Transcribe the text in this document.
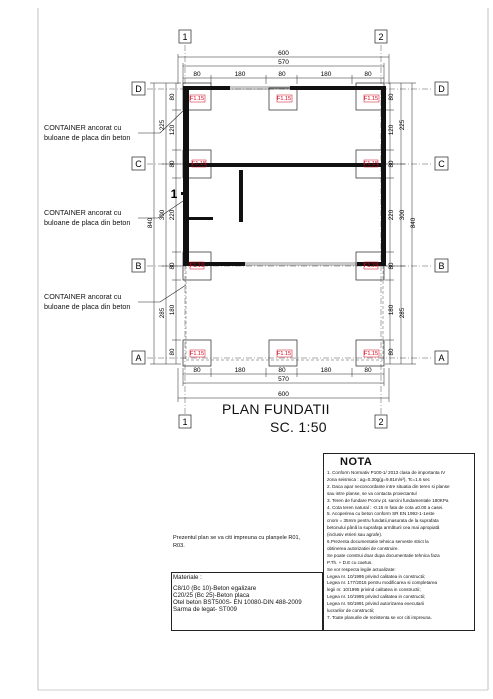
1	2
1	2
D
C
B
A
D
C
B
A
600
570
80	180	80	180	80
80	180	80	180	80
570
600
840
225
300
285
80
120
80
220
80
180
80
840
225
300
285
80
120
80
220
80
180
80
F1.15	F1.15	F1.15
F1.15	F1.15
F1.15	F1.15
F1.15	F1.15	F1.15
1
CONTAINER ancorat cu
buloane de placa din beton
CONTAINER ancorat cu
buloane de placa din beton
CONTAINER ancorat cu
buloane de placa din beton
PLAN FUNDATII
SC. 1:50
NOTA
1. Conform Normativ P100-1/ 2013 clasa de importanta IV
zona seismica : ag=0.30g(g=9.81m/s²), Tc=1.6 sec
2. Daca apar neconcordante intre situatia din teren si planse
sau intre planse, se va contacta proiectantul
3. Teren de fundare Pconv pt. sarcini fundamentale 180KPa
4. Cota teren natural : -0.15 m fata de cota ±0.00 a casei.
5. Acoperirea cu beton conform SR EN 1992-1-1este
cnom = 35mm pentru fundatii,masurata de la suprafata
betonului până la suprafaţa armăturii cea mai apropiată
(inclusiv etrieri sau agrafe).
6.Prezenta documentatie tehnica serveste strict la
obtinerea autorizatiei de construire.
Se poate construi doar dupa documentatie tehnica faza
P.Th. + D.E cu caetus.
Se vor respecta legile actualizate:
Legea nr. 10/1995 privind calitatea in constructii;
Legea nr. 177/2015 pentru modificarea si completarea
legii nr. 10/1995 privind calitatea in constructii;
Legea nr. 10/1995 privind calitatea in constructii;
Legea nr. 50/1991 privind autorizarea executarii
lucrarilor de constructii;
7. Toate planurile de rezistenta se vor citi impreuna.
Prezentul plan se va citi impreuna cu planșele R01,
R03.
Materiale :
C8/10 (Bc 10)-Beton egalizare
C20/25 (Bc 25)-Beton placa
Otel beton BST500S- EN 10080-DIN 488-2009
Sarma de legat- ST009
